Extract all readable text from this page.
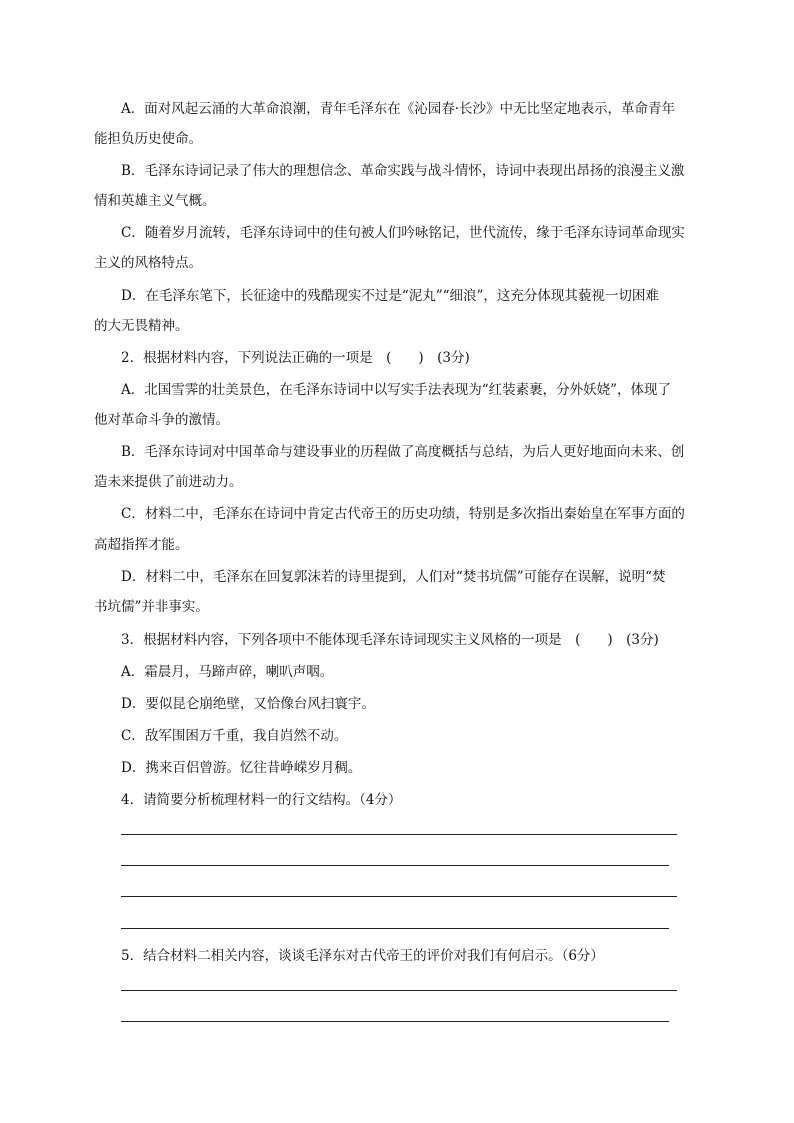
A．面对风起云涌的大革命浪潮，青年毛泽东在《沁园春·长沙》中无比坚定地表示，革命青年
能担负历史使命。
B．毛泽东诗词记录了伟大的理想信念、革命实践与战斗情怀，诗词中表现出昂扬的浪漫主义激
情和英雄主义气概。
C．随着岁月流转，毛泽东诗词中的佳句被人们吟咏铭记，世代流传，缘于毛泽东诗词革命现实
主义的风格特点。
D．在毛泽东笔下，长征途中的残酷现实不过是“泥丸”“细浪”，这充分体现其藐视一切困难
的大无畏精神。
2．根据材料内容，下列说法正确的一项是　(　　)　(3分)
A．北国雪霁的壮美景色，在毛泽东诗词中以写实手法表现为“红装素裹，分外妖娆”，体现了
他对革命斗争的激情。
B．毛泽东诗词对中国革命与建设事业的历程做了高度概括与总结，为后人更好地面向未来、创
造未来提供了前进动力。
C．材料二中，毛泽东在诗词中肯定古代帝王的历史功绩，特别是多次指出秦始皇在军事方面的
高超指挥才能。
D．材料二中，毛泽东在回复郭沫若的诗里提到，人们对“焚书坑儒”可能存在误解，说明“焚
书坑儒”并非事实。
3．根据材料内容，下列各项中不能体现毛泽东诗词现实主义风格的一项是　(　　)　(3分)
A．霜晨月，马蹄声碎，喇叭声咽。
D．要似昆仑崩绝壁，又恰像台风扫寰宇。
C．敌军围困万千重，我自岿然不动。
D．携来百侣曾游。忆往昔峥嵘岁月稠。
4．请简要分析梳理材料一的行文结构。（4分）
5．结合材料二相关内容，谈谈毛泽东对古代帝王的评价对我们有何启示。（6分）
